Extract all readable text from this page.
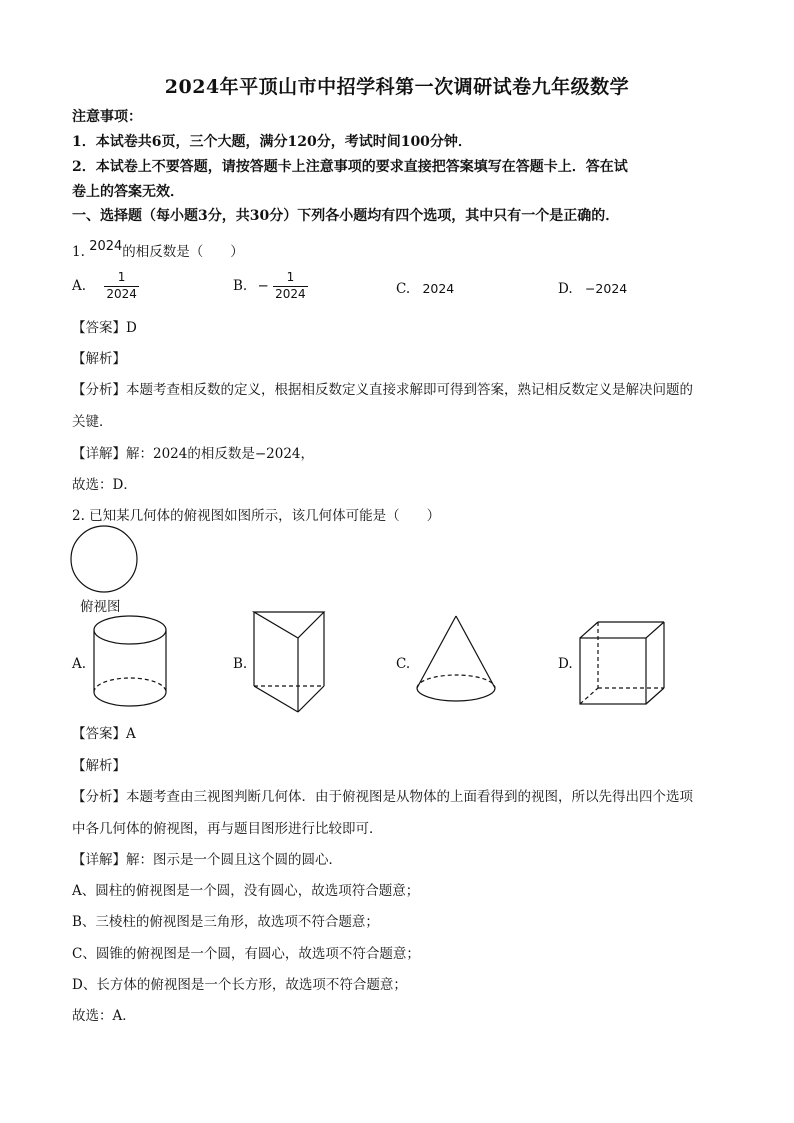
2024年平顶山市中招学科第一次调研试卷九年级数学
注意事项：
1．本试卷共6页，三个大题，满分120分，考试时间100分钟．
2．本试卷上不要答题，请按答题卡上注意事项的要求直接把答案填写在答题卡上．答在试
卷上的答案无效．
一、选择题（每小题3分，共30分）下列各小题均有四个选项，其中只有一个是正确的．
1. 2024的相反数是（　　）
A. $\frac{1}{2024}$	B. − $\frac{1}{2024}$	C. 2024	D. −2024
【答案】D
【解析】
【分析】本题考查相反数的定义，根据相反数定义直接求解即可得到答案，熟记相反数定义是解决问题的
关键．
【详解】解：2024的相反数是−2024，
故选：D．
2. 已知某几何体的俯视图如图所示，该几何体可能是（　　）
俯视图
A.	B.	C.	D.
【答案】A
【解析】
【分析】本题考查由三视图判断几何体．由于俯视图是从物体的上面看得到的视图，所以先得出四个选项
中各几何体的俯视图，再与题目图形进行比较即可．
【详解】解：图示是一个圆且这个圆的圆心．
A、圆柱的俯视图是一个圆，没有圆心，故选项符合题意；
B、三棱柱的俯视图是三角形，故选项不符合题意；
C、圆锥的俯视图是一个圆，有圆心，故选项不符合题意；
D、长方体的俯视图是一个长方形，故选项不符合题意；
故选：A．
